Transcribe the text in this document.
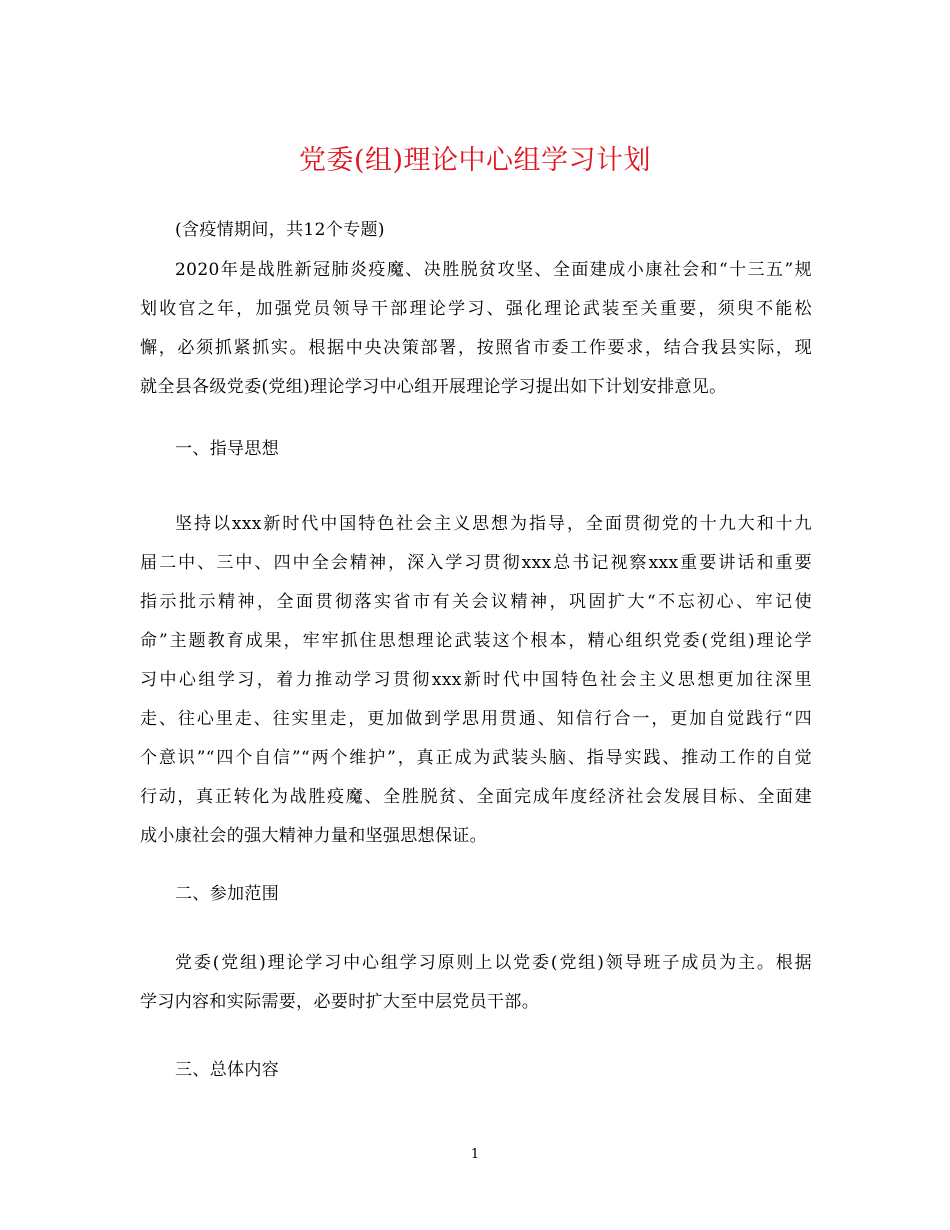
党委(组)理论中心组学习计划
(含疫情期间，共12个专题)
2020年是战胜新冠肺炎疫魔、决胜脱贫攻坚、全面建成小康社会和“十三五”规
划收官之年，加强党员领导干部理论学习、强化理论武装至关重要，须臾不能松
懈，必须抓紧抓实。根据中央决策部署，按照省市委工作要求，结合我县实际，现
就全县各级党委(党组)理论学习中心组开展理论学习提出如下计划安排意见。
一、指导思想
坚持以xxx新时代中国特色社会主义思想为指导，全面贯彻党的十九大和十九
届二中、三中、四中全会精神，深入学习贯彻xxx总书记视察xxx重要讲话和重要
指示批示精神，全面贯彻落实省市有关会议精神，巩固扩大“不忘初心、牢记使
命”主题教育成果，牢牢抓住思想理论武装这个根本，精心组织党委(党组)理论学
习中心组学习，着力推动学习贯彻xxx新时代中国特色社会主义思想更加往深里
走、往心里走、往实里走，更加做到学思用贯通、知信行合一，更加自觉践行“四
个意识”“四个自信”“两个维护”，真正成为武装头脑、指导实践、推动工作的自觉
行动，真正转化为战胜疫魔、全胜脱贫、全面完成年度经济社会发展目标、全面建
成小康社会的强大精神力量和坚强思想保证。
二、参加范围
党委(党组)理论学习中心组学习原则上以党委(党组)领导班子成员为主。根据
学习内容和实际需要，必要时扩大至中层党员干部。
三、总体内容
1
